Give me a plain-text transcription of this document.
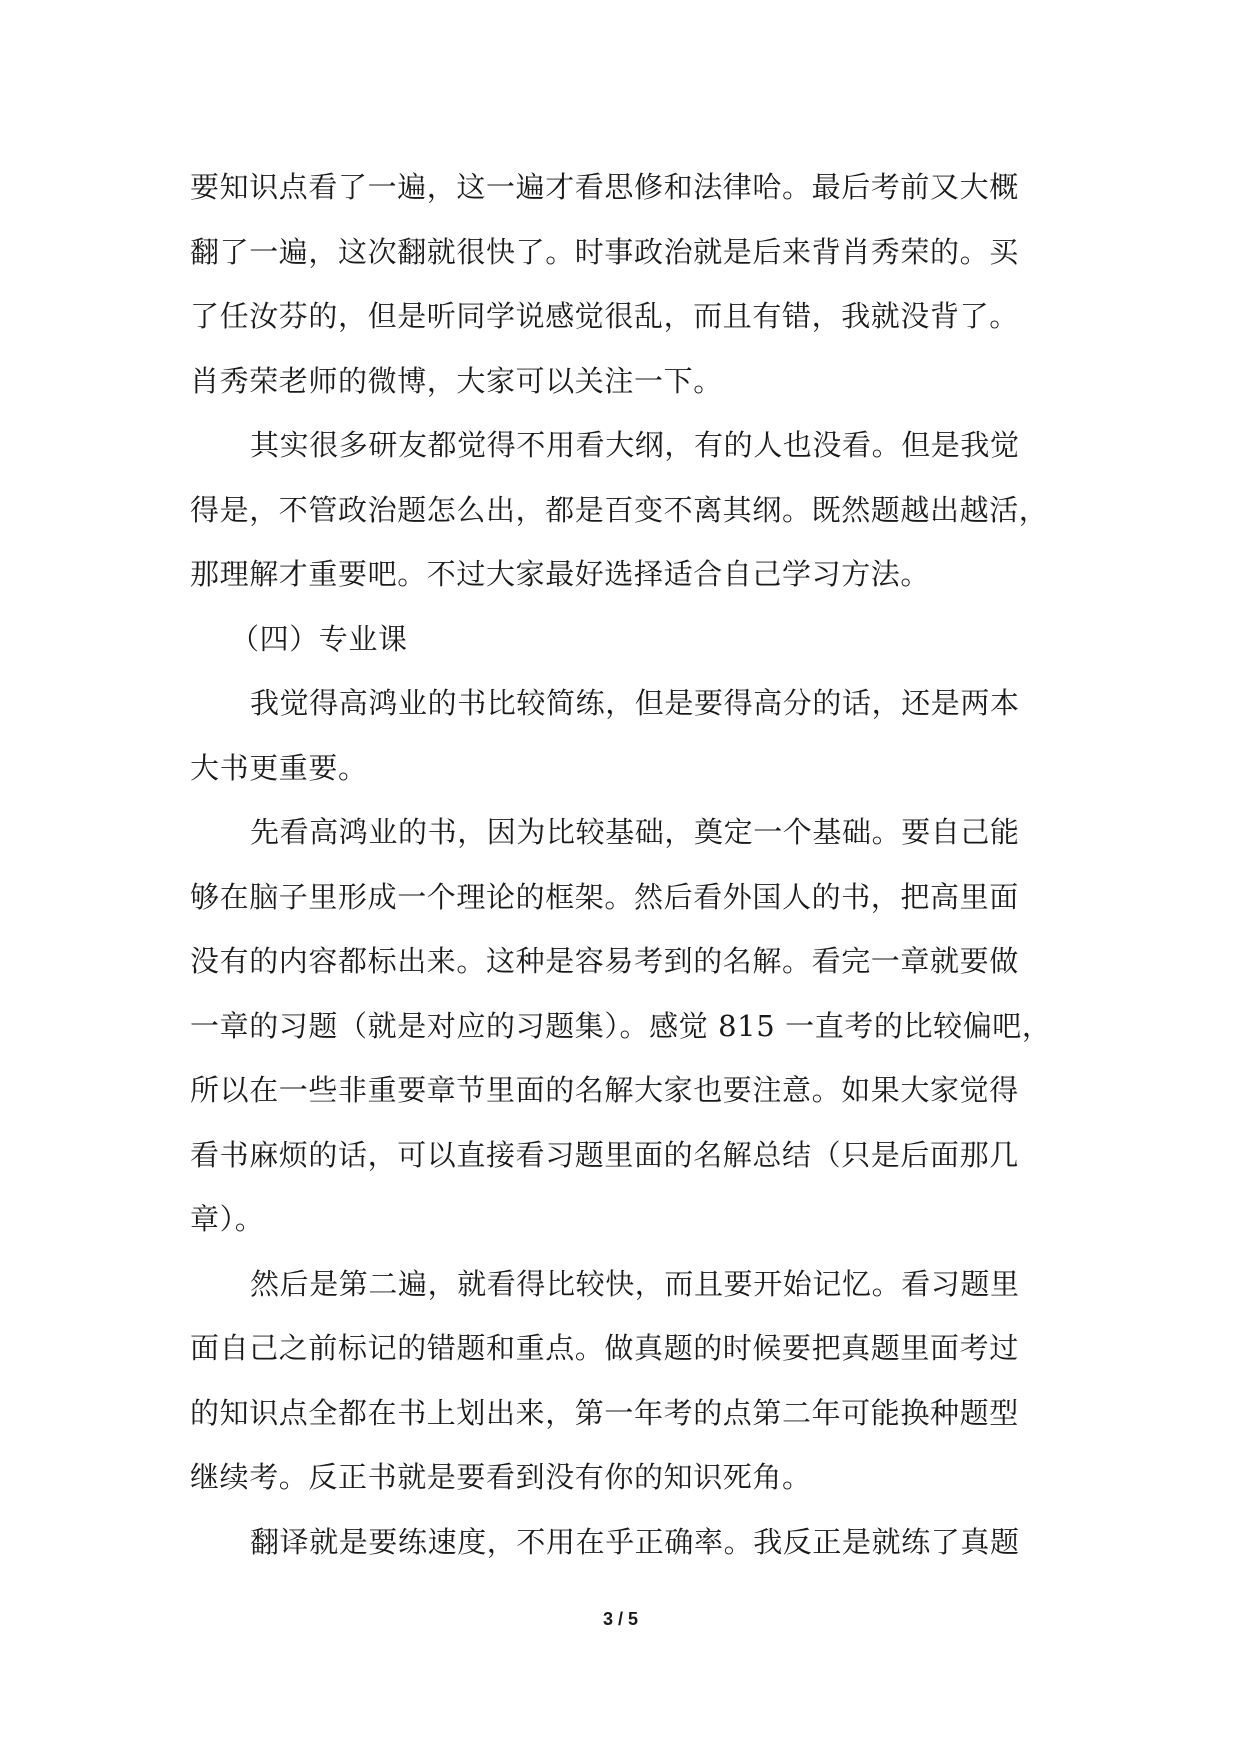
要知识点看了一遍，这一遍才看思修和法律哈。最后考前又大概
翻了一遍，这次翻就很快了。时事政治就是后来背肖秀荣的。买
了任汝芬的，但是听同学说感觉很乱，而且有错，我就没背了。
肖秀荣老师的微博，大家可以关注一下。
其实很多研友都觉得不用看大纲，有的人也没看。但是我觉
得是，不管政治题怎么出，都是百变不离其纲。既然题越出越活，
那理解才重要吧。不过大家最好选择适合自己学习方法。
（四）专业课
我觉得高鸿业的书比较简练，但是要得高分的话，还是两本
大书更重要。
先看高鸿业的书，因为比较基础，奠定一个基础。要自己能
够在脑子里形成一个理论的框架。然后看外国人的书，把高里面
没有的内容都标出来。这种是容易考到的名解。看完一章就要做
一章的习题（就是对应的习题集）。感觉 815 一直考的比较偏吧，
所以在一些非重要章节里面的名解大家也要注意。如果大家觉得
看书麻烦的话，可以直接看习题里面的名解总结（只是后面那几
章）。
然后是第二遍，就看得比较快，而且要开始记忆。看习题里
面自己之前标记的错题和重点。做真题的时候要把真题里面考过
的知识点全都在书上划出来，第一年考的点第二年可能换种题型
继续考。反正书就是要看到没有你的知识死角。
翻译就是要练速度，不用在乎正确率。我反正是就练了真题
3 / 5
